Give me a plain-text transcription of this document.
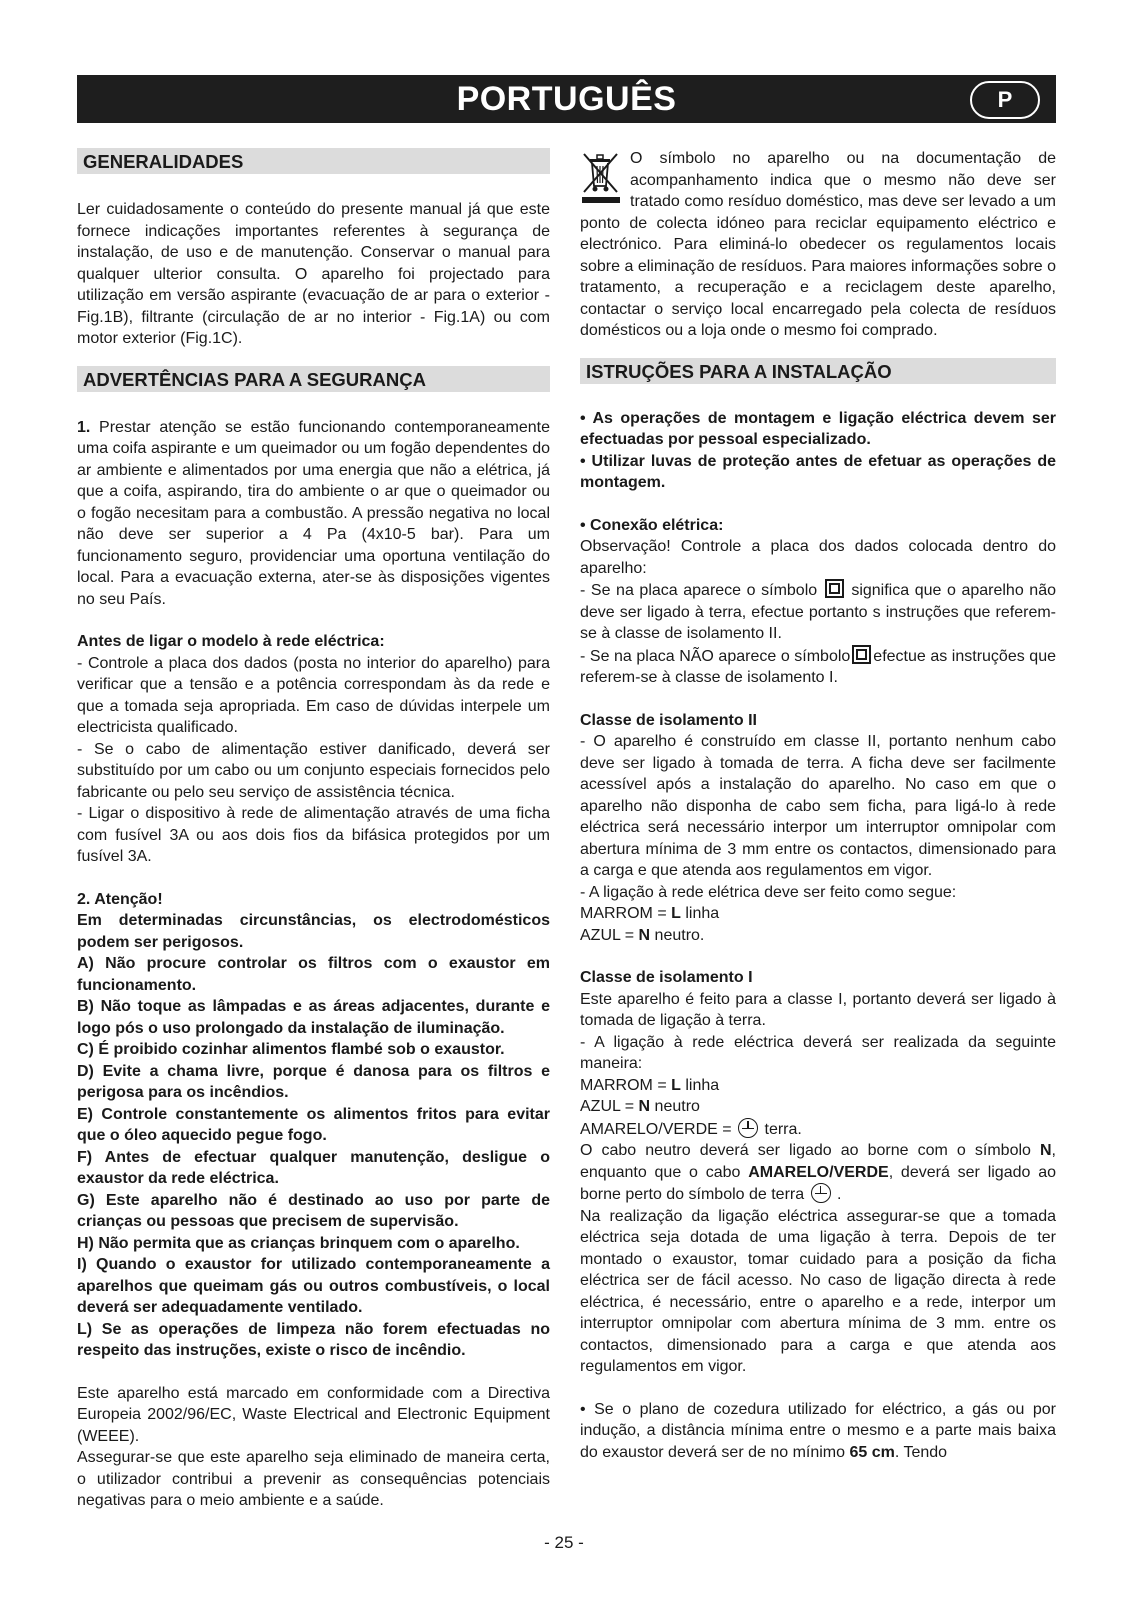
PORTUGUÊS	P
GENERALIDADES

Ler cuidadosamente o conteúdo do presente manual já que este fornece indicações importantes referentes à segurança de instalação, de uso e de manutenção. Conservar o manual para qualquer ulterior consulta. O aparelho foi projectado para utilização em versão aspirante (evacuação de ar para o exterior - Fig.1B), filtrante (circulação de ar no interior - Fig.1A) ou com motor exterior (Fig.1C).

ADVERTÊNCIAS PARA A SEGURANÇA

1. Prestar atenção se estão funcionando contemporaneamente uma coifa aspirante e um queimador ou um fogão dependentes do ar ambiente e alimentados por uma energia que não a elétrica, já que a coifa, aspirando, tira do ambiente o ar que o queimador ou o fogão necesitam para a combustão. A pressão negativa no local não deve ser superior a 4 Pa (4x10-5 bar). Para um funcionamento seguro, providenciar uma oportuna ventilação do local. Para a evacuação externa, ater-se às disposições vigentes no seu País.

Antes de ligar o modelo à rede eléctrica:

- Controle a placa dos dados (posta no interior do aparelho) para verificar que a tensão e a potência correspondam às da rede e que a tomada seja apropriada. Em caso de dúvidas interpele um electricista qualificado.

- Se o cabo de alimentação estiver danificado, deverá ser substituído por um cabo ou um conjunto especiais fornecidos pelo fabricante ou pelo seu serviço de assistência técnica.

- Ligar o dispositivo à rede de alimentação através de uma ficha com fusível 3A ou aos dois fios da bifásica protegidos por um fusível 3A.

2. Atenção!

Em determinadas circunstâncias, os electrodomésticos podem ser perigosos.

A) Não procure controlar os filtros com o exaustor em funcionamento.

B) Não toque as lâmpadas e as áreas adjacentes, durante e logo pós o uso prolongado da instalação de iluminação.

C) É proibido cozinhar alimentos flambé sob o exaustor.

D) Evite a chama livre, porque é danosa para os filtros e perigosa para os incêndios.

E) Controle constantemente os alimentos fritos para evitar que o óleo aquecido pegue fogo.

F) Antes de efectuar qualquer manutenção, desligue o exaustor da rede eléctrica.

G) Este aparelho não é destinado ao uso por parte de crianças ou pessoas que precisem de supervisão.

H) Não permita que as crianças brinquem com o aparelho.

I) Quando o exaustor for utilizado contemporaneamente a aparelhos que queimam gás ou outros combustíveis, o local deverá ser adequadamente ventilado.

L) Se as operações de limpeza não forem efectuadas no respeito das instruções, existe o risco de incêndio.

Este aparelho está marcado em conformidade com a Directiva Europeia 2002/96/EC, Waste Electrical and Electronic Equipment (WEEE).

Assegurar-se que este aparelho seja eliminado de maneira certa, o utilizador contribui a prevenir as consequências potenciais negativas para o meio ambiente e a saúde.

O símbolo no aparelho ou na documentação de acompanhamento indica que o mesmo não deve ser tratado como resíduo doméstico, mas deve ser levado a um ponto de colecta idóneo para reciclar equipamento eléctrico e electrónico. Para eliminá-lo obedecer os regulamentos locais sobre a eliminação de resíduos. Para maiores informações sobre o tratamento, a recuperação e a reciclagem deste aparelho, contactar o serviço local encarregado pela colecta de resíduos domésticos ou a loja onde o mesmo foi comprado.

ISTRUÇÕES PARA A INSTALAÇÃO

• As operações de montagem e ligação eléctrica devem ser efectuadas por pessoal especializado.

• Utilizar luvas de proteção antes de efetuar as operações de montagem.

• Conexão elétrica:

Observação! Controle a placa dos dados colocada dentro do aparelho:

- Se na placa aparece o símbolo significa que o aparelho não deve ser ligado à terra, efectue portanto s instruções que referem-se à classe de isolamento II.

- Se na placa NÃO aparece o símbolo efectue as instruções que referem-se à classe de isolamento I.

Classe de isolamento II

- O aparelho é construído em classe II, portanto nenhum cabo deve ser ligado à tomada de terra. A ficha deve ser facilmente acessível após a instalação do aparelho. No caso em que o aparelho não disponha de cabo sem ficha, para ligá-lo à rede eléctrica será necessário interpor um interruptor omnipolar com abertura mínima de 3 mm entre os contactos, dimensionado para a carga e que atenda aos regulamentos em vigor.

- A ligação à rede elétrica deve ser feito como segue:

MARROM = L linha

AZUL = N neutro.

Classe de isolamento I

Este aparelho é feito para a classe I, portanto deverá ser ligado à tomada de ligação à terra.

- A ligação à rede eléctrica deverá ser realizada da seguinte maneira:

MARROM = L linha

AZUL = N neutro

AMARELO/VERDE =  terra.

O cabo neutro deverá ser ligado ao borne com o símbolo N, enquanto que o cabo AMARELO/VERDE, deverá ser ligado ao borne perto do símbolo de terra  .

Na realização da ligação eléctrica assegurar-se que a tomada eléctrica seja dotada de uma ligação à terra. Depois de ter montado o exaustor, tomar cuidado para a posição da ficha eléctrica ser de fácil acesso. No caso de ligação directa à rede eléctrica, é necessário, entre o aparelho e a rede, interpor um interruptor omnipolar com abertura mínima de 3 mm. entre os contactos, dimensionado para a carga e que atenda aos regulamentos em vigor.

• Se o plano de cozedura utilizado for eléctrico, a gás ou por indução, a distância mínima entre o mesmo e a parte mais baixa do exaustor deverá ser de no mínimo 65 cm. Tendo

- 25 -
